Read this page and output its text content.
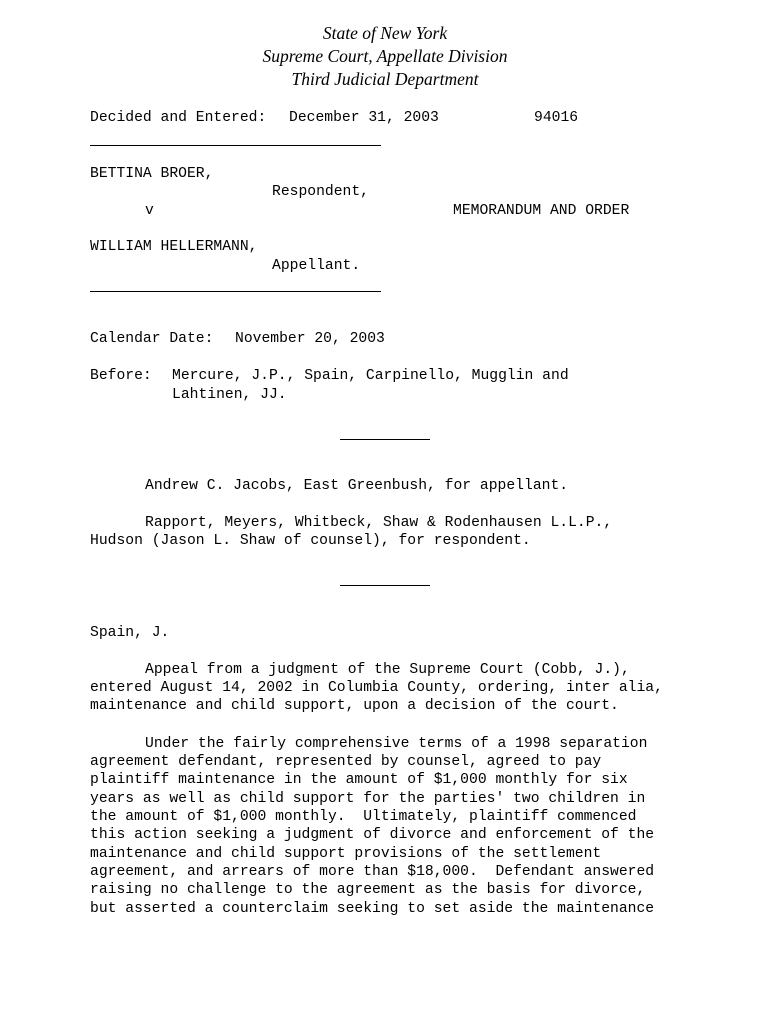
State of New York
Supreme Court, Appellate Division
Third Judicial Department
Decided and Entered: December 31, 2003	94016
BETTINA BROER,
Respondent,
v	MEMORANDUM AND ORDER
WILLIAM HELLERMANN,
Appellant.
Calendar Date: November 20, 2003
Before: Mercure, J.P., Spain, Carpinello, Mugglin and
Lahtinen, JJ.
Andrew C. Jacobs, East Greenbush, for appellant.
Rapport, Meyers, Whitbeck, Shaw & Rodenhausen L.L.P.,
Hudson (Jason L. Shaw of counsel), for respondent.
Spain, J.
Appeal from a judgment of the Supreme Court (Cobb, J.),
entered August 14, 2002 in Columbia County, ordering, inter alia,
maintenance and child support, upon a decision of the court.
Under the fairly comprehensive terms of a 1998 separation
agreement defendant, represented by counsel, agreed to pay
plaintiff maintenance in the amount of $1,000 monthly for six
years as well as child support for the parties' two children in
the amount of $1,000 monthly.  Ultimately, plaintiff commenced
this action seeking a judgment of divorce and enforcement of the
maintenance and child support provisions of the settlement
agreement, and arrears of more than $18,000.  Defendant answered
raising no challenge to the agreement as the basis for divorce,
but asserted a counterclaim seeking to set aside the maintenance
